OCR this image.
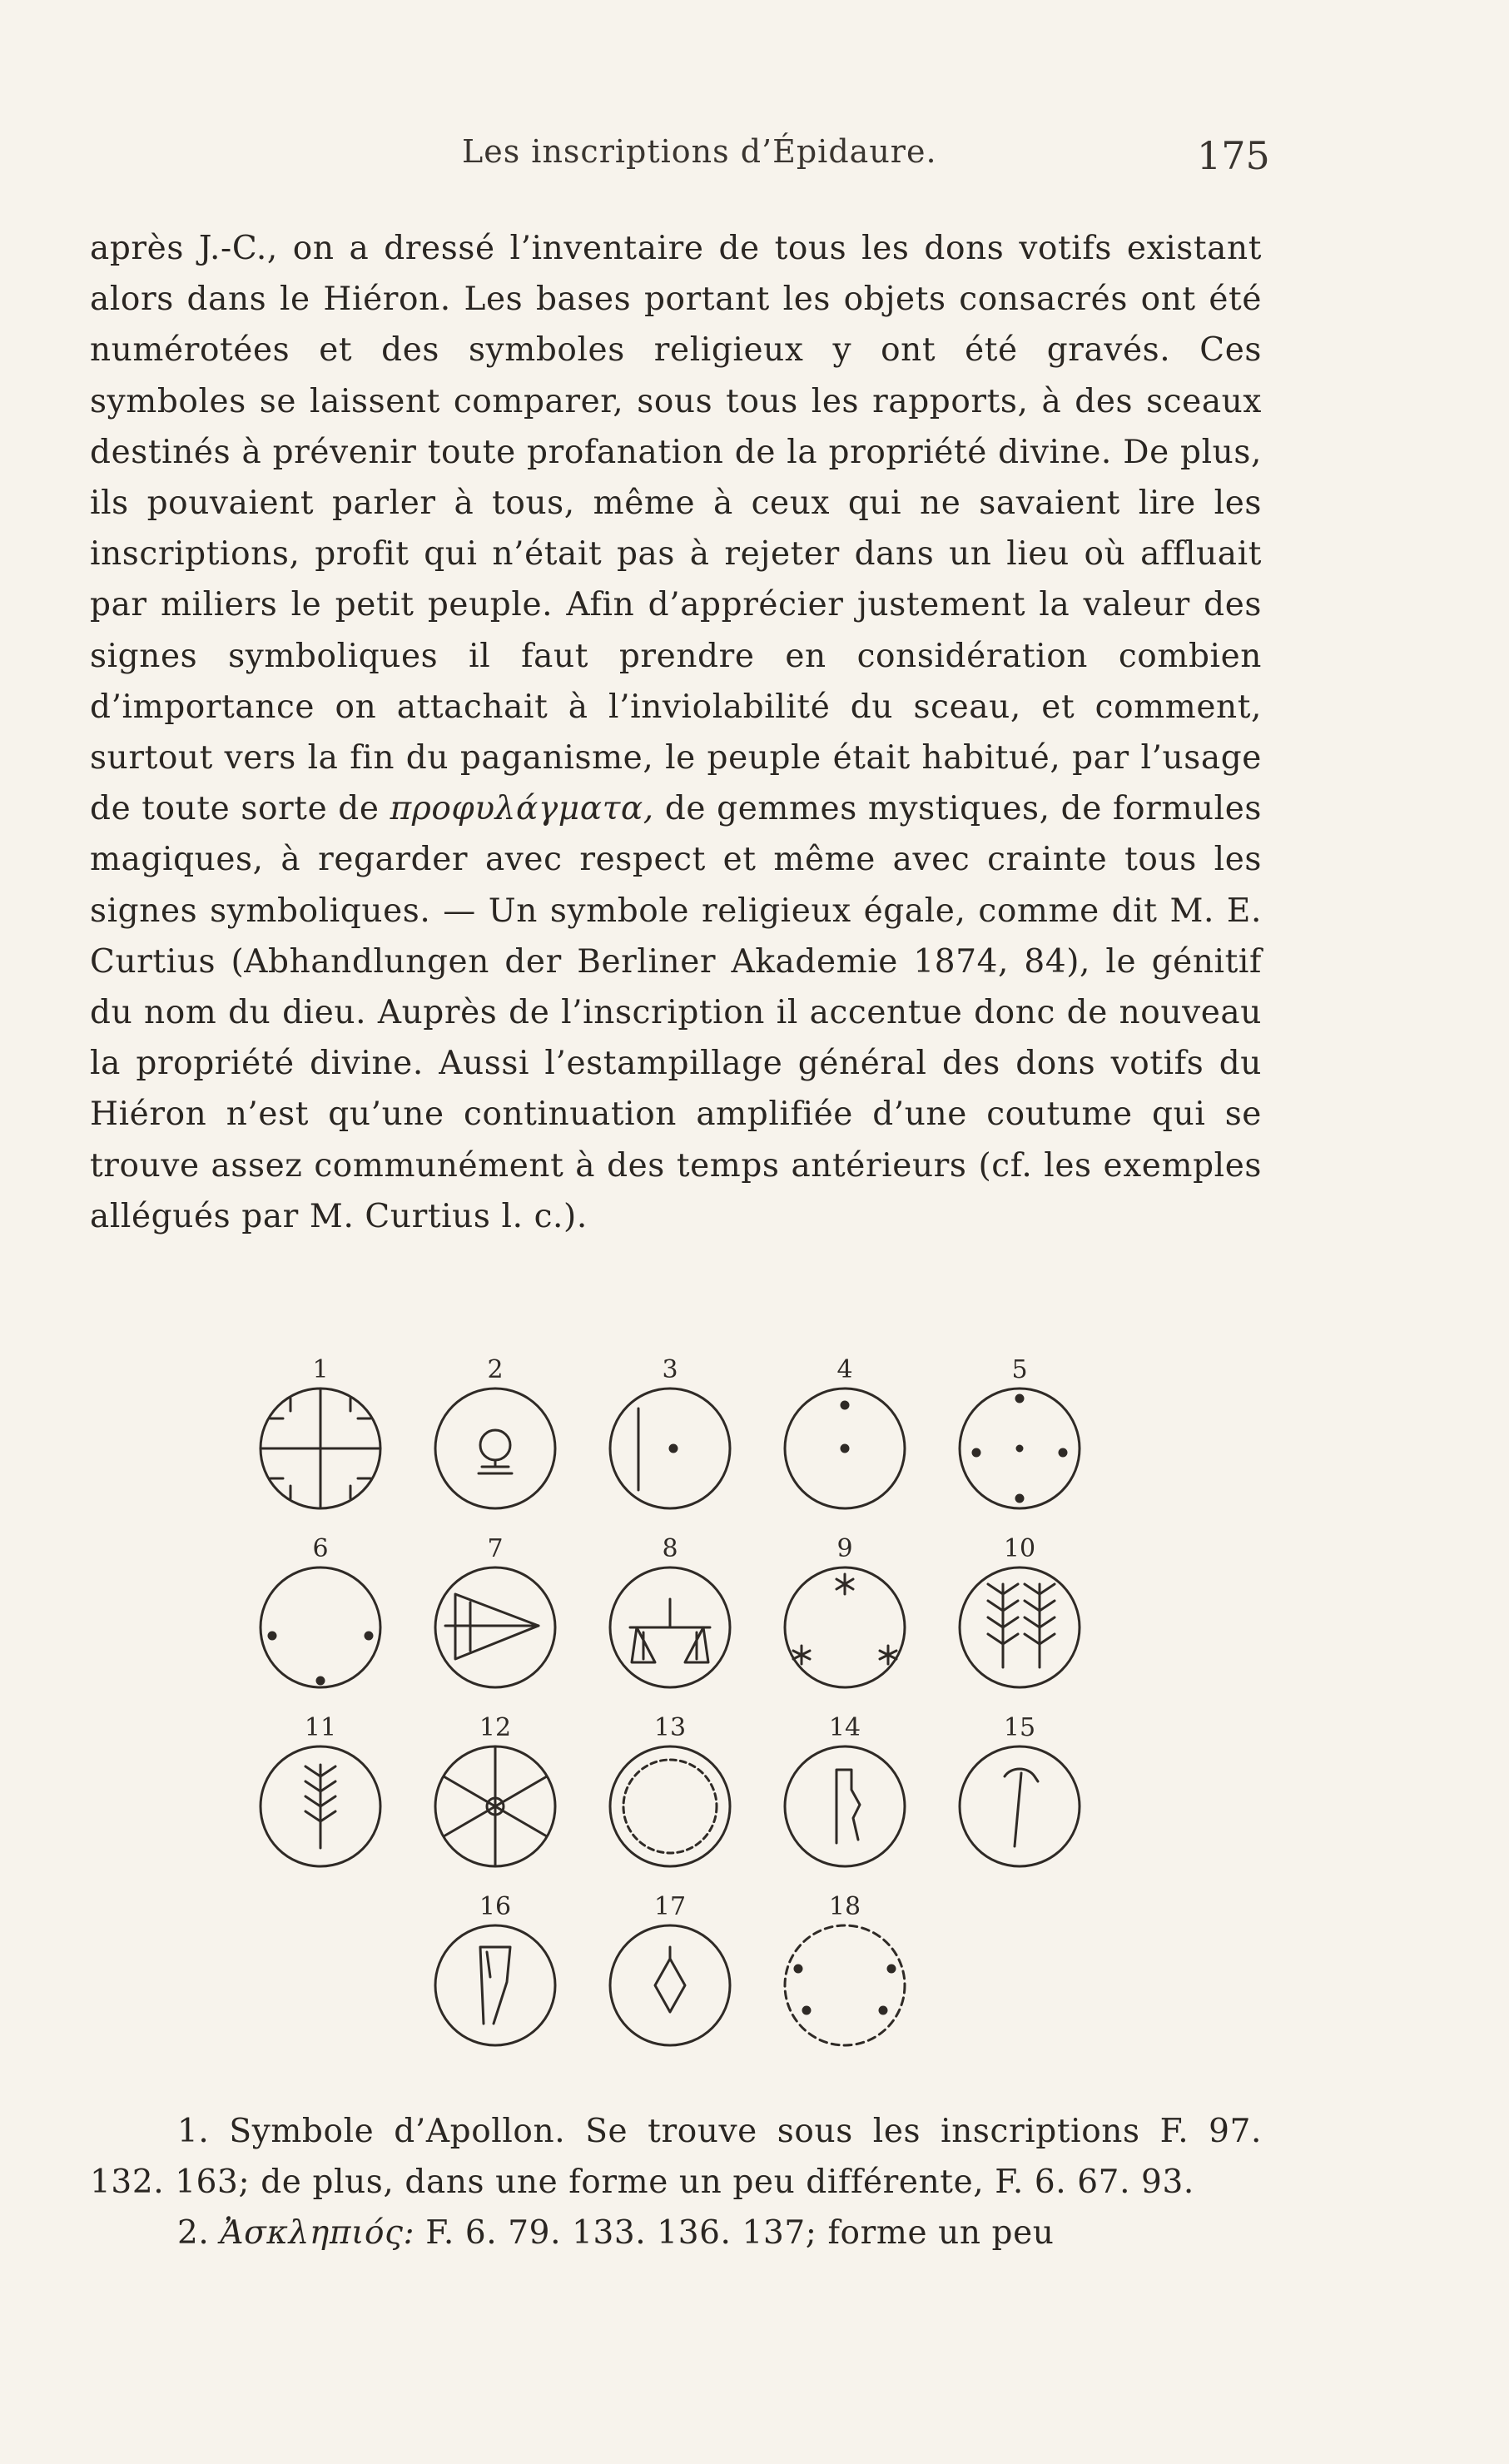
Les inscriptions d’Épidaure.	175

après J.-C., on a dressé l’inventaire de tous les dons votifs existant alors dans le Hiéron. Les bases portant les objets consacrés ont été numérotées et des symboles religieux y ont été gravés. Ces symboles se laissent comparer, sous tous les rapports, à des sceaux destinés à prévenir toute profanation de la propriété divine. De plus, ils pouvaient parler à tous, même à ceux qui ne savaient lire les inscriptions, profit qui n’était pas à rejeter dans un lieu où affluait par miliers le petit peuple. Afin d’apprécier justement la valeur des signes symboliques il faut prendre en considération combien d’importance on attachait à l’inviolabilité du sceau, et comment, surtout vers la fin du paganisme, le peuple était habitué, par l’usage de toute sorte de προφυλάγματα, de gemmes mystiques, de formules magiques, à regarder avec respect et même avec crainte tous les signes symboliques. — Un symbole religieux égale, comme dit M. E. Curtius (Abhandlungen der Berliner Akademie 1874, 84), le génitif du nom du dieu. Auprès de l’inscription il accentue donc de nouveau la propriété divine. Aussi l’estampillage général des dons votifs du Hiéron n’est qu’une continuation amplifiée d’une coutume qui se trouve assez communément à des temps antérieurs (cf. les exemples allégués par M. Curtius l. c.).

1	2	3	4	5
6	7	8	9	10
11	12	13	14	15
16	17	18

1. Symbole d’Apollon. Se trouve sous les inscriptions F. 97. 132. 163; de plus, dans une forme un peu différente, F. 6. 67. 93.

2. Ἀσκληπιός: F. 6. 79. 133. 136. 137; forme un peu
